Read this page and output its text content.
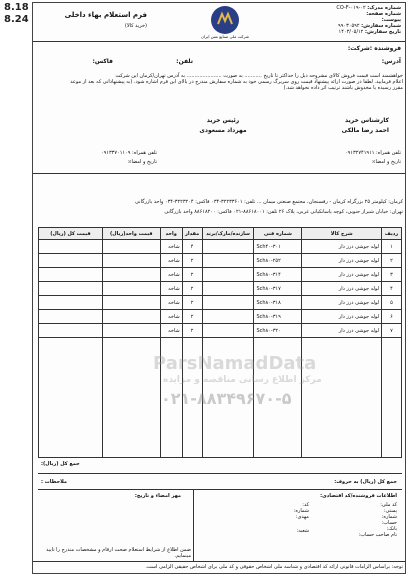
8.18
8.24
شماره مدرک: CO-F-۰۱۹-۰۲
شماره صفحه:
پیوست:
شماره سفارش: ۹۹۰۳۰۵۹۲
تاریخ سفارش: ۱۴۰۳/۰۵/۱۲
شرکت ملی صنایع مس ایران
فرم استعلام بهاء داخلی
(خرید کالا)
فروشنده :شرکت:
آدرس:
تلفن:
فاکس:
خواهشمند است قیمت فروش کالای مشروحه ذیل را حداکثر تا تاریخ ........... به صورت ...................... به آدرس تهران/کرمان این شرکت
اعلام فرمایید. لطفا در صورت ارائه پیشنهاد قیمت روی سربرگ رسمی خود به شماره سفارش مندرج در بالای این فرم اشاره شود. (به پیشنهاداتی که بعد از موعد
مقرر رسیده یا مخدوش باشند ترتیب اثر داده نخواهد شد.)
کارشناس خرید
احمد رضا مالکی
رئیس خرید
مهرداد مسعودی
تلفن همراه: ۰۹۱۳۲۷۴۱۹۱۱
تاریخ و امضاء:
تلفن همراه: ۰۹۱۳۳۷۰۱۱۰۹
تاریخ و امضاء:
کرمان: کیلومتر ۲۵ بزرگراه کرمان - رفسنجان، مجتمع صنعتی میمان ... تلفن: ۳۲۲۳۳۶۰۱-۰۳۴ فاکس: ۳۲۲۳۲۰۴-۰۳۴ واحد بازرگانی
تهران: خیابان شیراز جنوبی، کوچه یاسانکیانی غربی، پلاک ۲۶ تلفن: ۸۸۶۱۸۰۰۱-۰۲۱ فاکس: ۸۸۶۱۸۲۰۰ واحد بازرگانی
ردیف	شرح کالا	شماره فنی	سازنده/مارک/برند	مقدار	واحد	قیمت واحد(ریال)	قیمت کل (ریال)
۱	لوله جوشی درز دار	Sch۴۰-۳۰۱		۴	شاخه		
۲	لوله جوشی درز دار	Sch۸۰-۲۵۲		۲	شاخه		
۳	لوله جوشی درز دار	Sch۸۰-۳۱۴		۲	شاخه		
۴	لوله جوشی درز دار	Sch۸۰-۳۱۷		۲	شاخه		
۵	لوله جوشی درز دار	Sch۸۰-۳۱۸		۲	شاخه		
۶	لوله جوشی درز دار	Sch۸۰-۳۱۹		۲	شاخه		
۷	لوله جوشی درز دار	Sch۸۰-۳۲۰		۲	شاخه		

جمع کل (ریال):
جمع کل (ریال) به حروف:
ملاحظات :
اطلاعات فروشنده/کد اقتصادی:
کد ملی:
پستی:
شماره:
حساب:
بانک:
نام صاحب حساب:
کد:
شماره:
مهدی:
شعبه:
مهر امضاء و تاریخ:
ضمن اطلاع از شرایط استعلام صحت ارقام و مشخصات مندرج را تایید مینمایم.
توجه: براساس الزامات قانونی ارائه کد اقتصادی و شناسه ملی اشخاص حقوقی و کد ملی برای اشخاص حقیقی الزامی است.
ParsNamadData
مرکز اطلاع رسانی مناقصه و مزایده
۰۲۱-۸۸۳۴۹۶۷۰-۵
